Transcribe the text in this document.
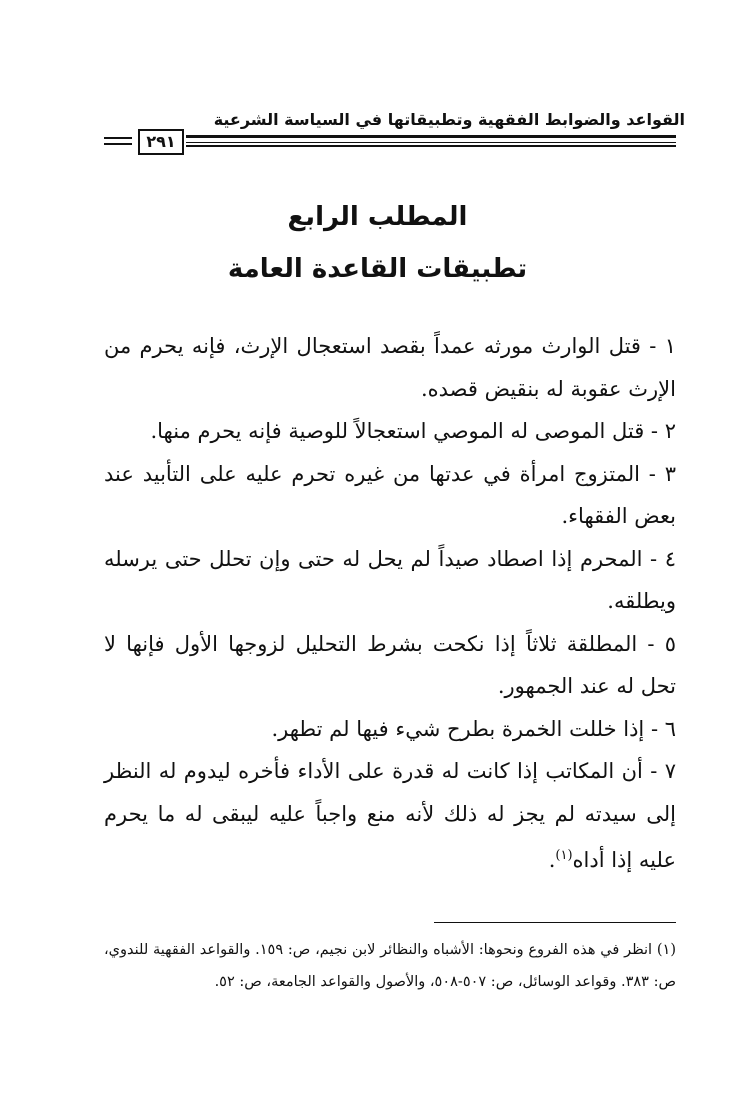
القواعد والضوابط الفقهية وتطبيقاتها في السياسة الشرعية
٢٩١
المطلب الرابع
تطبيقات القاعدة العامة

١ - قتل الوارث مورثه عمداً بقصد استعجال الإرث، فإنه يحرم من الإرث عقوبة له بنقيض قصده.

٢ - قتل الموصى له الموصي استعجالاً للوصية فإنه يحرم منها.

٣ - المتزوج امرأة في عدتها من غيره تحرم عليه على التأبيد عند بعض الفقهاء.

٤ - المحرم إذا اصطاد صيداً لم يحل له حتى وإن تحلل حتى يرسله ويطلقه.

٥ - المطلقة ثلاثاً إذا نكحت بشرط التحليل لزوجها الأول فإنها لا تحل له عند الجمهور.

٦ - إذا خللت الخمرة بطرح شيء فيها لم تطهر.

٧ - أن المكاتب إذا كانت له قدرة على الأداء فأخره ليدوم له النظر إلى سيدته لم يجز له ذلك لأنه منع واجباً عليه ليبقى له ما يحرم عليه إذا أداه$^{(١)}$.

(١) انظر في هذه الفروع ونحوها: الأشباه والنظائر لابن نجيم، ص: ١٥٩. والقواعد الفقهية للندوي، ص: ٣٨٣. وقواعد الوسائل، ص: ٥٠٧-٥٠٨، والأصول والقواعد الجامعة، ص: ٥٢.
